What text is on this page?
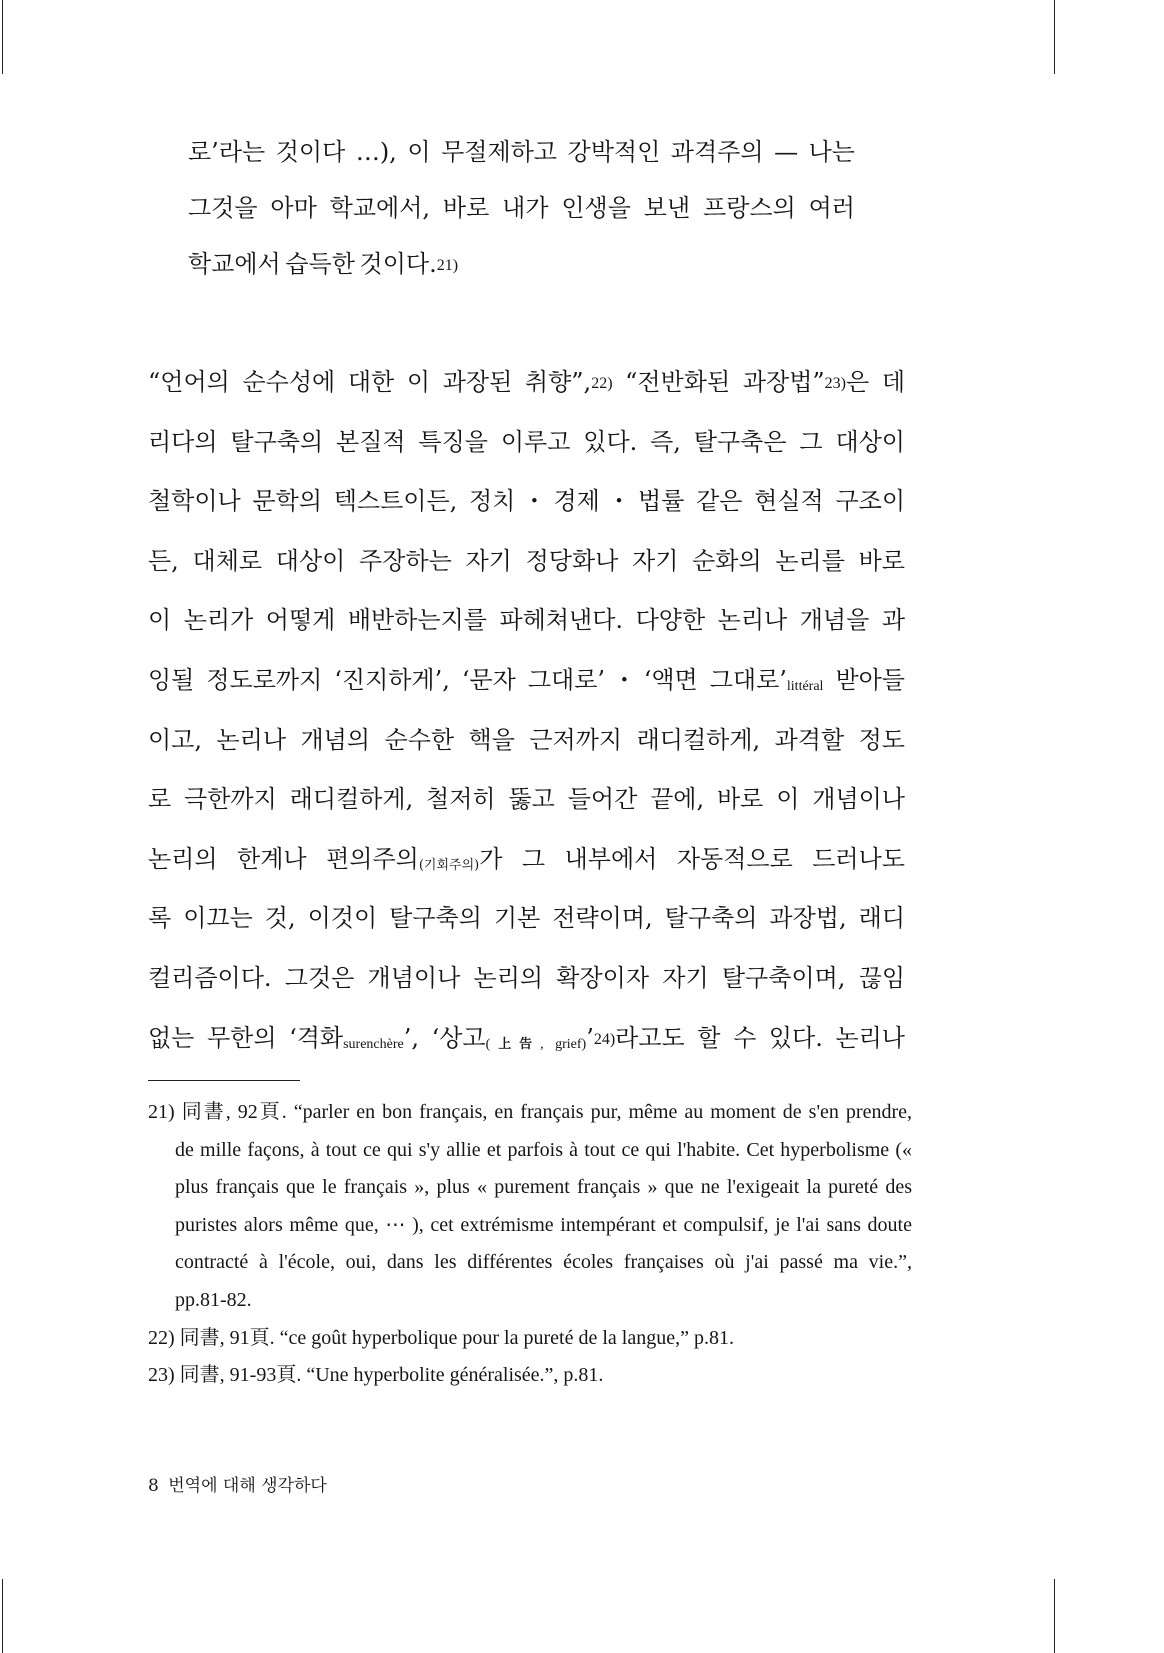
로’라는 것이다 …), 이 무절제하고 강박적인 과격주의 — 나는
그것을 아마 학교에서, 바로 내가 인생을 보낸 프랑스의 여러
학교에서 습득한 것이다.21)
“언어의 순수성에 대한 이 과장된 취향”,22) “전반화된 과장법”23)은 데
리다의 탈구축의 본질적 특징을 이루고 있다. 즉, 탈구축은 그 대상이
철학이나 문학의 텍스트이든, 정치・경제・법률 같은 현실적 구조이
든, 대체로 대상이 주장하는 자기 정당화나 자기 순화의 논리를 바로
이 논리가 어떻게 배반하는지를 파헤쳐낸다. 다양한 논리나 개념을 과
잉될 정도로까지 ‘진지하게’, ‘문자 그대로’・‘액면 그대로’littéral 받아들
이고, 논리나 개념의 순수한 핵을 근저까지 래디컬하게, 과격할 정도
로 극한까지 래디컬하게, 철저히 뚫고 들어간 끝에, 바로 이 개념이나
논리의 한계나 편의주의(기회주의)가 그 내부에서 자동적으로 드러나도
록 이끄는 것, 이것이 탈구축의 기본 전략이며, 탈구축의 과장법, 래디
컬리즘이다. 그것은 개념이나 논리의 확장이자 자기 탈구축이며, 끊임
없는 무한의 ‘격화surenchère’, ‘상고(上告, grief)’24)라고도 할 수 있다. 논리나
21) 同書, 92頁. “parler en bon français, en français pur, même au moment de s'en prendre,
de mille façons, à tout ce qui s'y allie et parfois à tout ce qui l'habite. Cet hyperbolisme («
plus français que le français », plus « purement français » que ne l'exigeait la pureté des
puristes alors même que, ⋯ ), cet extrémisme intempérant et compulsif, je l'ai sans doute
contracté à l'école, oui, dans les différentes écoles françaises où j'ai passé ma vie.”,
pp.81-82.
22) 同書, 91頁. “ce goût hyperbolique pour la pureté de la langue,” p.81.
23) 同書, 91-93頁. “Une hyperbolite généralisée.”, p.81.
8 번역에 대해 생각하다
